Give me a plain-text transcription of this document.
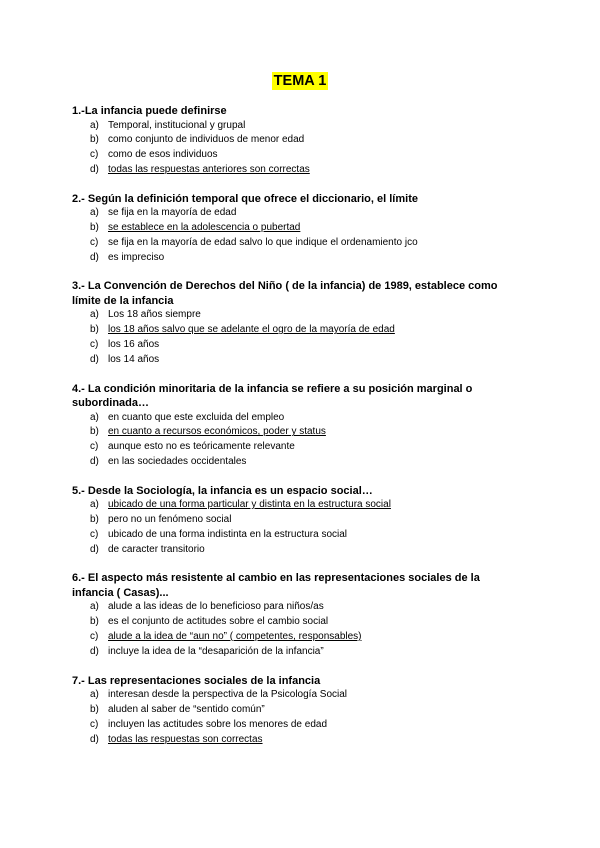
TEMA 1

1.-La infancia puede definirse

a) Temporal, institucional y grupal
b) como conjunto de individuos de menor edad
c) como de esos individuos
d) todas las respuestas anteriores son correctas

2.- Según la definición temporal que ofrece el diccionario, el límite

a) se fija en la mayoría de edad
b) se establece en la adolescencia o pubertad
c) se fija en la mayoría de edad salvo lo que indique el ordenamiento jco
d) es impreciso

3.- La Convención de Derechos del Niño ( de la infancia) de 1989, establece como límite de la infancia

a) Los 18 años siempre
b) los 18 años salvo que se adelante el ogro de la mayoría de edad
c) los 16 años
d) los 14 años

4.- La condición minoritaria de la infancia se refiere a su posición marginal o subordinada…

a) en cuanto que este excluida del empleo
b) en cuanto a recursos económicos, poder y status
c) aunque esto no es teóricamente relevante
d) en las sociedades occidentales

5.- Desde la Sociología, la infancia es un espacio social…

a) ubicado de una forma particular y distinta en la estructura social
b) pero no un fenómeno social
c) ubicado de una forma indistinta en la estructura social
d) de caracter transitorio

6.- El aspecto más resistente al cambio en las representaciones sociales de la infancia ( Casas)...

a) alude a las ideas de lo beneficioso para niños/as
b) es el conjunto de actitudes sobre el cambio social
c) alude a la idea de “aun no” ( competentes, responsables)
d) incluye la idea de la “desaparición de la infancia”

7.- Las representaciones sociales de la infancia

a) interesan desde la perspectiva de la Psicología Social
b) aluden al saber de “sentido común”
c) incluyen las actitudes sobre los menores de edad
d) todas las respuestas son correctas
